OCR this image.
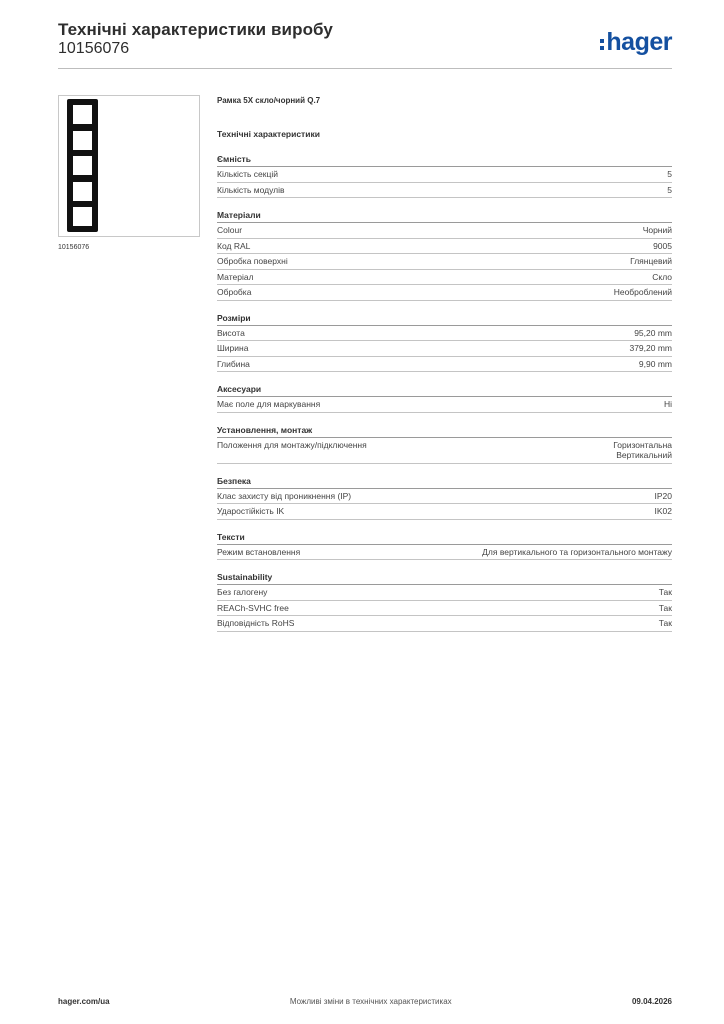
Технічні характеристики виробу
10156076	hager
10156076
Рамка 5X скло/чорний Q.7
Технічні характеристики
Ємність
Кількість секцій	5
Кількість модулів	5
Матеріали
Colour	Чорний
Код RAL	9005
Обробка поверхні	Глянцевий
Матеріал	Скло
Обробка	Необроблений
Розміри
Висота	95,20 mm
Ширина	379,20 mm
Глибина	9,90 mm
Аксесуари
Має поле для маркування	Ні
Установлення, монтаж
Положення для монтажу/підключення	Горизонтальна
Вертикальний
Безпека
Клас захисту від проникнення (IP)	IP20
Ударостійкість IK	IK02
Тексти
Режим встановлення	Для вертикального та горизонтального монтажу
Sustainability
Без галогену	Так
REACh-SVHC free	Так
Відповідність RoHS	Так
hager.com/ua	Можливі зміни в технічних характеристиках	09.04.2026
